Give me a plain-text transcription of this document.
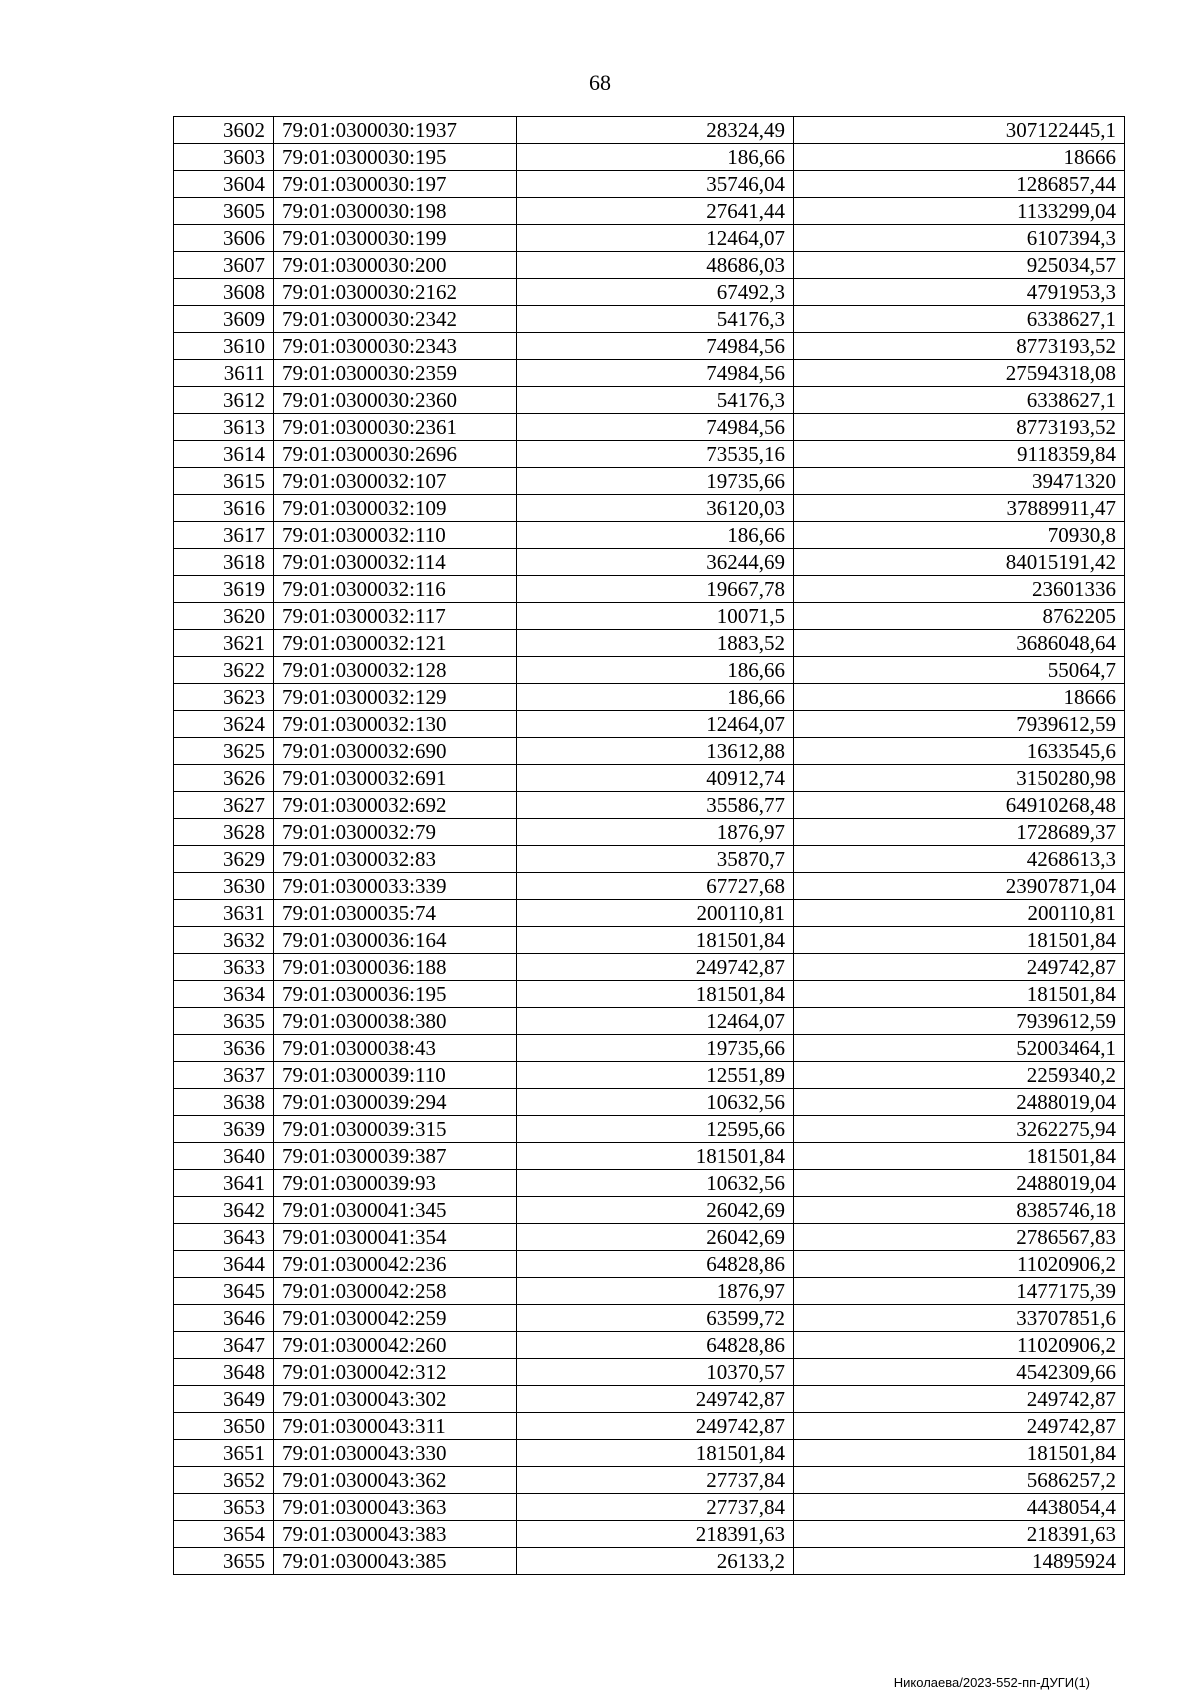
68
3602	79:01:0300030:1937	28324,49	307122445,1
3603	79:01:0300030:195	186,66	18666
3604	79:01:0300030:197	35746,04	1286857,44
3605	79:01:0300030:198	27641,44	1133299,04
3606	79:01:0300030:199	12464,07	6107394,3
3607	79:01:0300030:200	48686,03	925034,57
3608	79:01:0300030:2162	67492,3	4791953,3
3609	79:01:0300030:2342	54176,3	6338627,1
3610	79:01:0300030:2343	74984,56	8773193,52
3611	79:01:0300030:2359	74984,56	27594318,08
3612	79:01:0300030:2360	54176,3	6338627,1
3613	79:01:0300030:2361	74984,56	8773193,52
3614	79:01:0300030:2696	73535,16	9118359,84
3615	79:01:0300032:107	19735,66	39471320
3616	79:01:0300032:109	36120,03	37889911,47
3617	79:01:0300032:110	186,66	70930,8
3618	79:01:0300032:114	36244,69	84015191,42
3619	79:01:0300032:116	19667,78	23601336
3620	79:01:0300032:117	10071,5	8762205
3621	79:01:0300032:121	1883,52	3686048,64
3622	79:01:0300032:128	186,66	55064,7
3623	79:01:0300032:129	186,66	18666
3624	79:01:0300032:130	12464,07	7939612,59
3625	79:01:0300032:690	13612,88	1633545,6
3626	79:01:0300032:691	40912,74	3150280,98
3627	79:01:0300032:692	35586,77	64910268,48
3628	79:01:0300032:79	1876,97	1728689,37
3629	79:01:0300032:83	35870,7	4268613,3
3630	79:01:0300033:339	67727,68	23907871,04
3631	79:01:0300035:74	200110,81	200110,81
3632	79:01:0300036:164	181501,84	181501,84
3633	79:01:0300036:188	249742,87	249742,87
3634	79:01:0300036:195	181501,84	181501,84
3635	79:01:0300038:380	12464,07	7939612,59
3636	79:01:0300038:43	19735,66	52003464,1
3637	79:01:0300039:110	12551,89	2259340,2
3638	79:01:0300039:294	10632,56	2488019,04
3639	79:01:0300039:315	12595,66	3262275,94
3640	79:01:0300039:387	181501,84	181501,84
3641	79:01:0300039:93	10632,56	2488019,04
3642	79:01:0300041:345	26042,69	8385746,18
3643	79:01:0300041:354	26042,69	2786567,83
3644	79:01:0300042:236	64828,86	11020906,2
3645	79:01:0300042:258	1876,97	1477175,39
3646	79:01:0300042:259	63599,72	33707851,6
3647	79:01:0300042:260	64828,86	11020906,2
3648	79:01:0300042:312	10370,57	4542309,66
3649	79:01:0300043:302	249742,87	249742,87
3650	79:01:0300043:311	249742,87	249742,87
3651	79:01:0300043:330	181501,84	181501,84
3652	79:01:0300043:362	27737,84	5686257,2
3653	79:01:0300043:363	27737,84	4438054,4
3654	79:01:0300043:383	218391,63	218391,63
3655	79:01:0300043:385	26133,2	14895924
Николаева/2023-552-пп-ДУГИ(1)
